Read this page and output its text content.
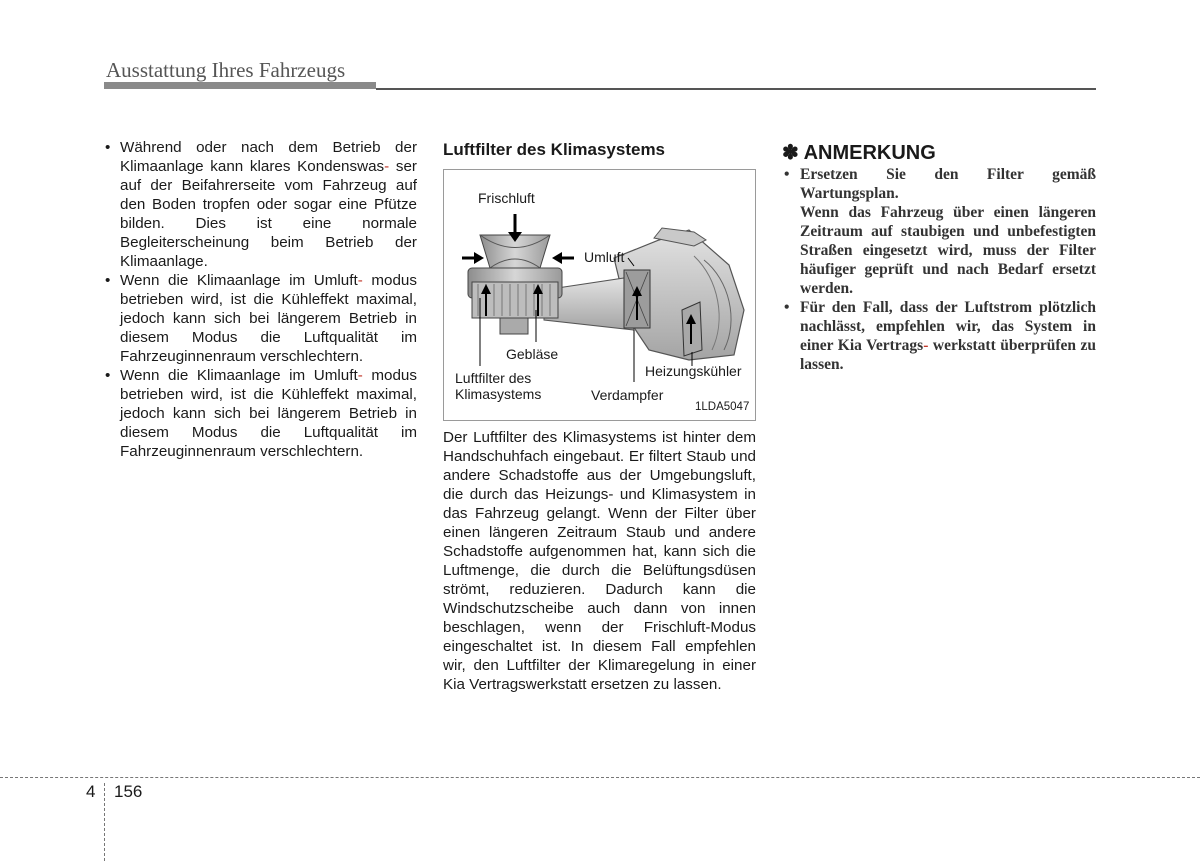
Ausstattung Ihres Fahrzeugs
• Während oder nach dem Betrieb der Klimaanlage kann klares Kondenswas- ser auf der Beifahrerseite vom Fahrzeug auf den Boden tropfen oder sogar eine Pfütze bilden. Dies ist eine normale Begleiterscheinung beim Betrieb der Klimaanlage.
• Wenn die Klimaanlage im Umluft- modus betrieben wird, ist die Kühleffekt maximal, jedoch kann sich bei längerem Betrieb in diesem Modus die Luftqualität im Fahrzeuginnenraum verschlechtern.
• Wenn die Klimaanlage im Umluft- modus betrieben wird, ist die Kühleffekt maximal, jedoch kann sich bei längerem Betrieb in diesem Modus die Luftqualität im Fahrzeuginnenraum verschlechtern.
Luftfilter des Klimasystems
Frischluft
Umluft
Gebläse
Luftfilter des
Klimasystems
Heizungskühler
Verdampfer
1LDA5047
Der Luftfilter des Klimasystems ist hinter dem Handschuhfach eingebaut. Er filtert Staub und andere Schadstoffe aus der Umgebungsluft, die durch das Heizungs- und Klimasystem in das Fahrzeug gelangt. Wenn der Filter über einen längeren Zeitraum Staub und andere Schadstoffe aufgenommen hat, kann sich die Luftmenge, die durch die Belüftungsdüsen strömt, reduzieren. Dadurch kann die Windschutzscheibe auch dann von innen beschlagen, wenn der Frischluft-Modus eingeschaltet ist. In diesem Fall empfehlen wir, den Luftfilter der Klimaregelung in einer Kia Vertragswerkstatt ersetzen zu lassen.
✽ ANMERKUNG

• Ersetzen Sie den Filter gemäß Wartungsplan.

Wenn das Fahrzeug über einen längeren Zeitraum auf staubigen und unbefestigten Straßen eingesetzt wird, muss der Filter häufiger geprüft und nach Bedarf ersetzt werden.

• Für den Fall, dass der Luftstrom plötzlich nachlässt, empfehlen wir, das System in einer Kia Vertrags- werkstatt überprüfen zu lassen.
4 156
